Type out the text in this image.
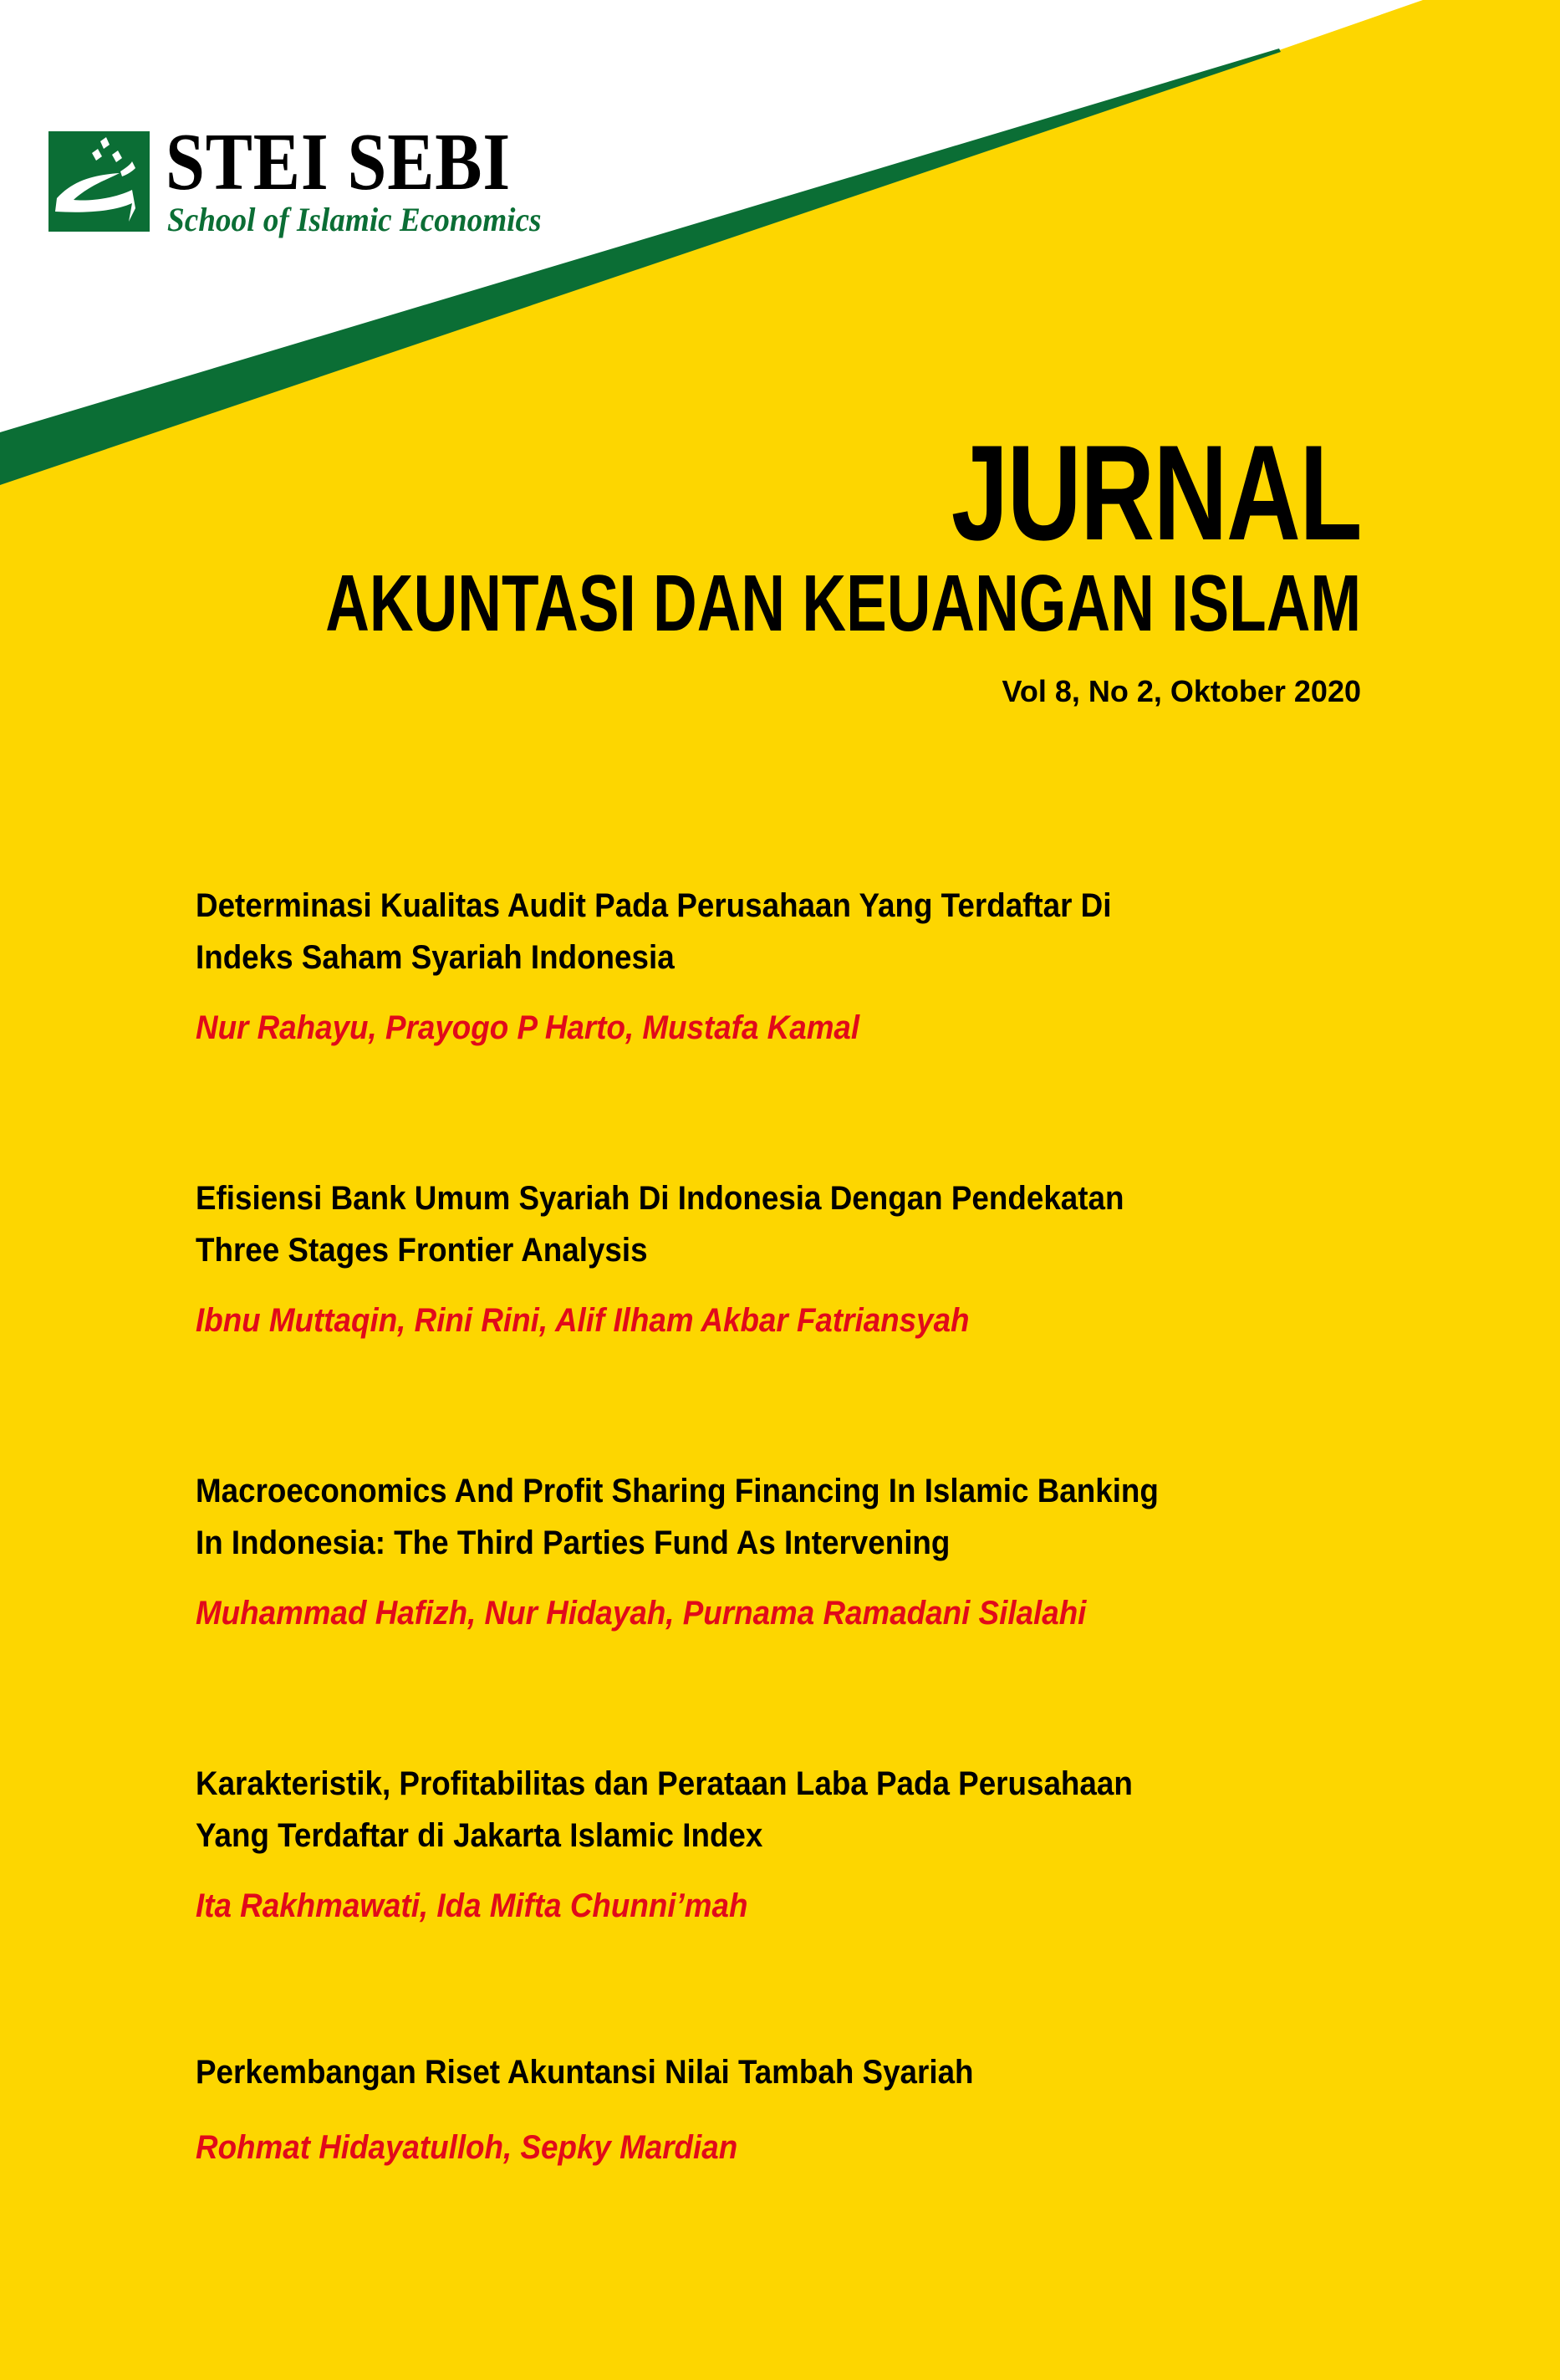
STEI SEBI
School of Islamic Economics
JURNAL
AKUNTASI DAN KEUANGAN ISLAM
Vol 8, No 2, Oktober 2020
Determinasi Kualitas Audit Pada Perusahaan Yang Terdaftar Di
Indeks Saham Syariah Indonesia
Nur Rahayu, Prayogo P Harto, Mustafa Kamal
Efisiensi Bank Umum Syariah Di Indonesia Dengan Pendekatan
Three Stages Frontier Analysis
Ibnu Muttaqin, Rini Rini, Alif Ilham Akbar Fatriansyah
Macroeconomics And Profit Sharing Financing In Islamic Banking
In Indonesia: The Third Parties Fund As Intervening
Muhammad Hafizh, Nur Hidayah, Purnama Ramadani Silalahi
Karakteristik, Profitabilitas dan Perataan Laba Pada Perusahaan
Yang Terdaftar di Jakarta Islamic Index
Ita Rakhmawati, Ida Mifta Chunni’mah
Perkembangan Riset Akuntansi Nilai Tambah Syariah
Rohmat Hidayatulloh, Sepky Mardian
